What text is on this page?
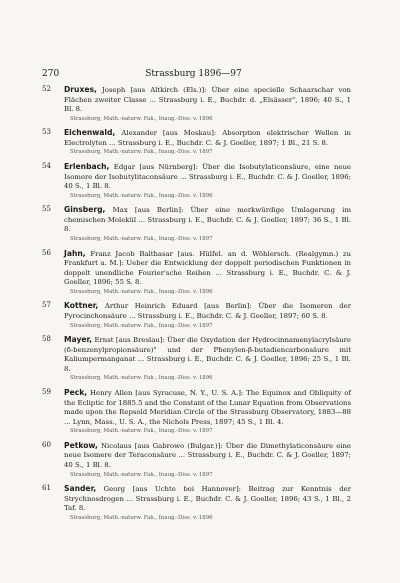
270	Strassburg 1896—97
52	Druxes, Joseph [aus Altkirch (Els.)]: Über eine specielle Schaarschar von Flächen zweiter Classe ... Strassburg i. E., Buchdr. d. „Elsässer", 1896; 40 S., 1 Bl. 8.
Strassburg, Math.-naturw. Fak., Inaug.-Diss. v. 1896
53	Eichenwald, Alexander [aus Moskau]: Absorption elektrischer Wellen in Electrolyten ... Strassburg i. E., Buchdr. C. & J. Goeller, 1897; 1 Bl., 21 S. 8.
Strassburg, Math.-naturw. Fak., Inaug.-Diss. v. 1897
54	Erlenbach, Edgar [aus Nürnberg]: Über die Isobutylaticonsäure, eine neue Isomere der Isobutylitaconsäure ... Strassburg i. E., Buchdr. C. & J. Goeller, 1896; 40 S., 1 Bl. 8.
Strassburg, Math.-naturw. Fak., Inaug.-Diss. v. 1896
55	Ginsberg, Max [aus Berlin]: Über eine merkwürdige Umlagerung im chemischen Molekül ... Strassburg i. E., Buchdr. C. & J. Goeller, 1897; 36 S., 1 Bl. 8.
Strassburg, Math.-naturw. Fak., Inaug.-Diss. v. 1897
56	Jahn, Franz Jacob Balthasar [aus. Hülfel. an d. Wöhlersch. (Realgymn.) zu Frankfurt a. M.]: Ueber die Entwicklung der doppelt periodischen Funktionen in doppelt unendliche Fourier'sche Reihen ... Strassburg i. E., Buchdr. C. & J. Goeller, 1896; 55 S. 8.
Strassburg, Math.-naturw. Fak., Inaug.-Diss. v. 1896
57	Kottner, Arthur Heinrich Eduard [aus Berlin]: Über die Isomeren der Pyrocinchonsäure ... Strassburg i. E., Buchdr. C. & J. Goeller, 1897; 60 S. 8.
Strassburg, Math.-naturw. Fak., Inaug.-Diss. v. 1897
58	Mayer, Ernst [aus Breslau]: Über die Oxydation der Hydrocinnamenylacrylsäure (δ-benzenylpropionsäure)" und der Phenylen-β-butadiencarbonsäure mit Kaliumpermanganat ... Strassburg i. E., Buchdr. C. & J. Goeller, 1896; 25 S., 1 Bl. 8.
Strassburg, Math.-naturw. Fak., Inaug.-Diss. v. 1896
59	Peck, Henry Allen [aus Syracuse, N. Y., U. S. A.]: The Equinox and Obliquity of the Ecliptic for 1885.5 and the Constant of the Lunar Equation from Observations made upon the Repsold Meridian Circle of the Strassburg Observatory, 1883—88 ... Lynn, Mass., U. S. A., the Nichols Press, 1897; 45 S., 1 Bl. 4.
Strassburg, Math.-naturw. Fak., Inaug.-Diss. v. 1897
60	Petkow, Nicolaus [aus Gabrowo (Bulgar.)]: Über die Dimethylaticonsäure eine neue Isomere der Teraconsäure ... Strassburg i. E., Buchdr. C. & J. Goeller, 1897; 40 S., 1 Bl. 8.
Strassburg, Math.-naturw. Fak., Inaug.-Diss. v. 1897
61	Sander, Georg [aus Uchte bei Hannover]: Beitrag zur Kenntnis der Strychnosdrogen ... Strassburg i. E., Buchdr. C. & J. Goeller, 1896; 43 S., 1 Bl., 2 Taf. 8.
Strassburg, Math.-naturw. Fak., Inaug.-Diss. v. 1896
